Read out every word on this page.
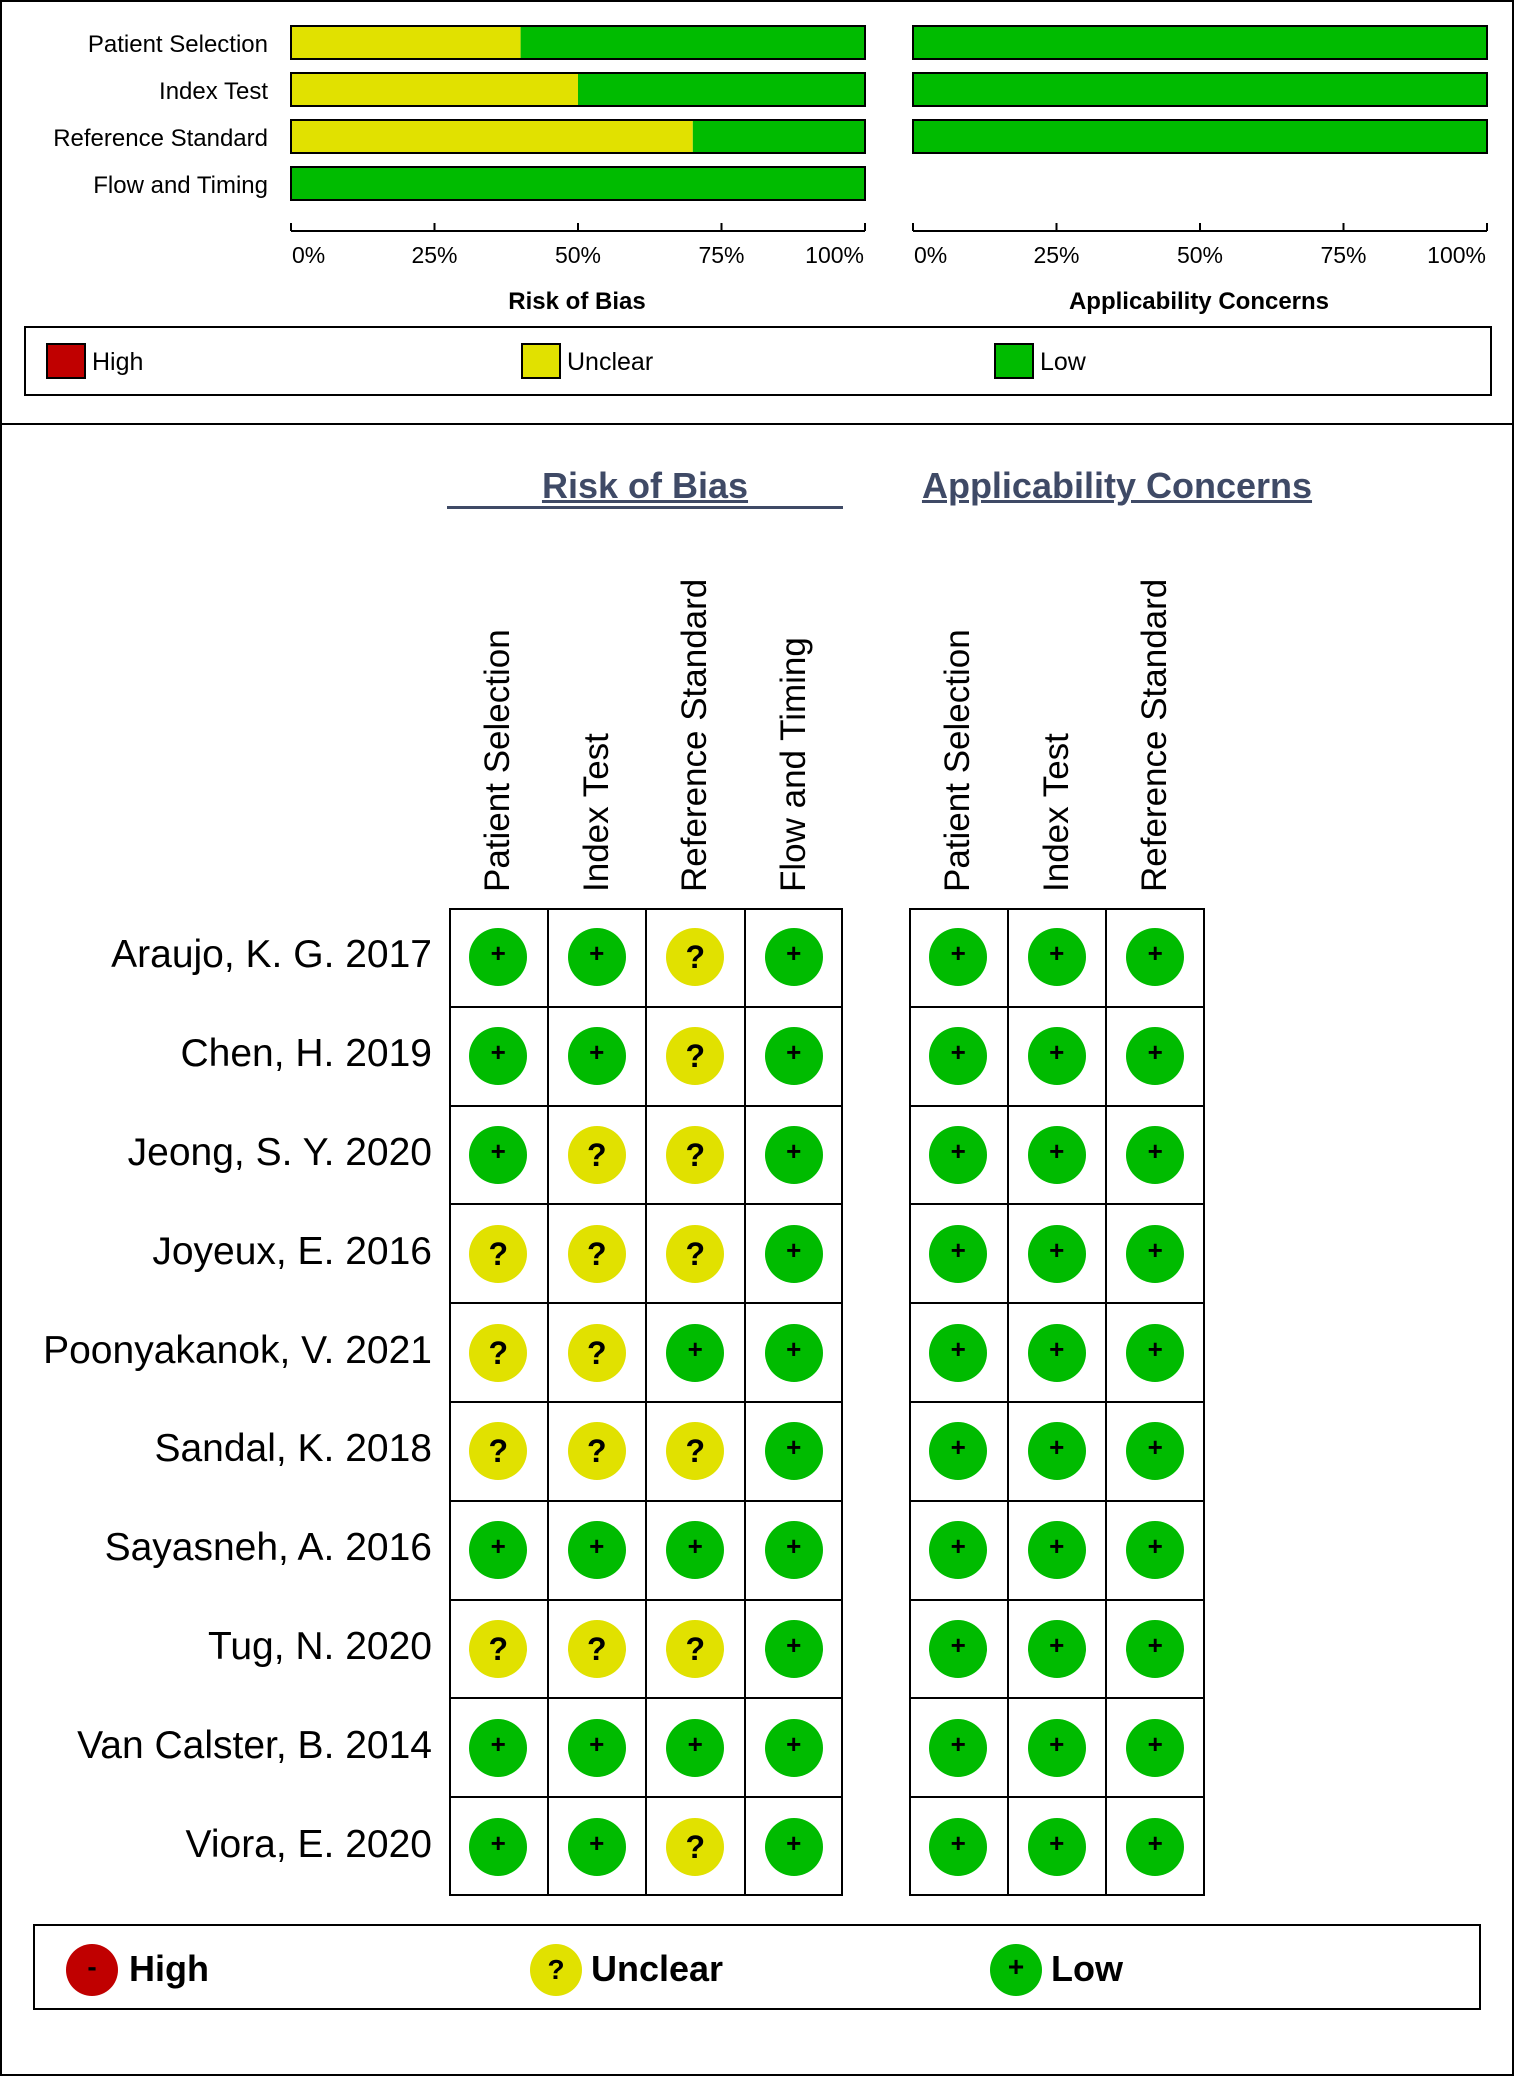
Patient Selection
Index Test
Reference Standard
Flow and Timing
0%	25%	50%	75%	100% 0%	25%	50%	75%	100%
Risk of Bias	Applicability Concerns
High	Unclear	Low
Risk of Bias	Applicability Concerns
Patient Selection Index Test Reference Standard Flow and Timing	Patient Selection Index Test Reference Standard
Araujo, K. G. 2017	+	+	?	+	+	+	+
Chen, H. 2019	+	+	?	+	+	+	+
Jeong, S. Y. 2020	+	?	?	+	+	+	+
Joyeux, E. 2016	?	?	?	+	+	+	+
Poonyakanok, V. 2021	?	?	+	+	+	+	+
Sandal, K. 2018	?	?	?	+	+	+	+
Sayasneh, A. 2016	+	+	+	+	+	+	+
Tug, N. 2020	?	?	?	+	+	+	+
Van Calster, B. 2014	+	+	+	+	+	+	+
Viora, E. 2020	+	+	?	+	+	+	+
- High	? Unclear	+ Low
